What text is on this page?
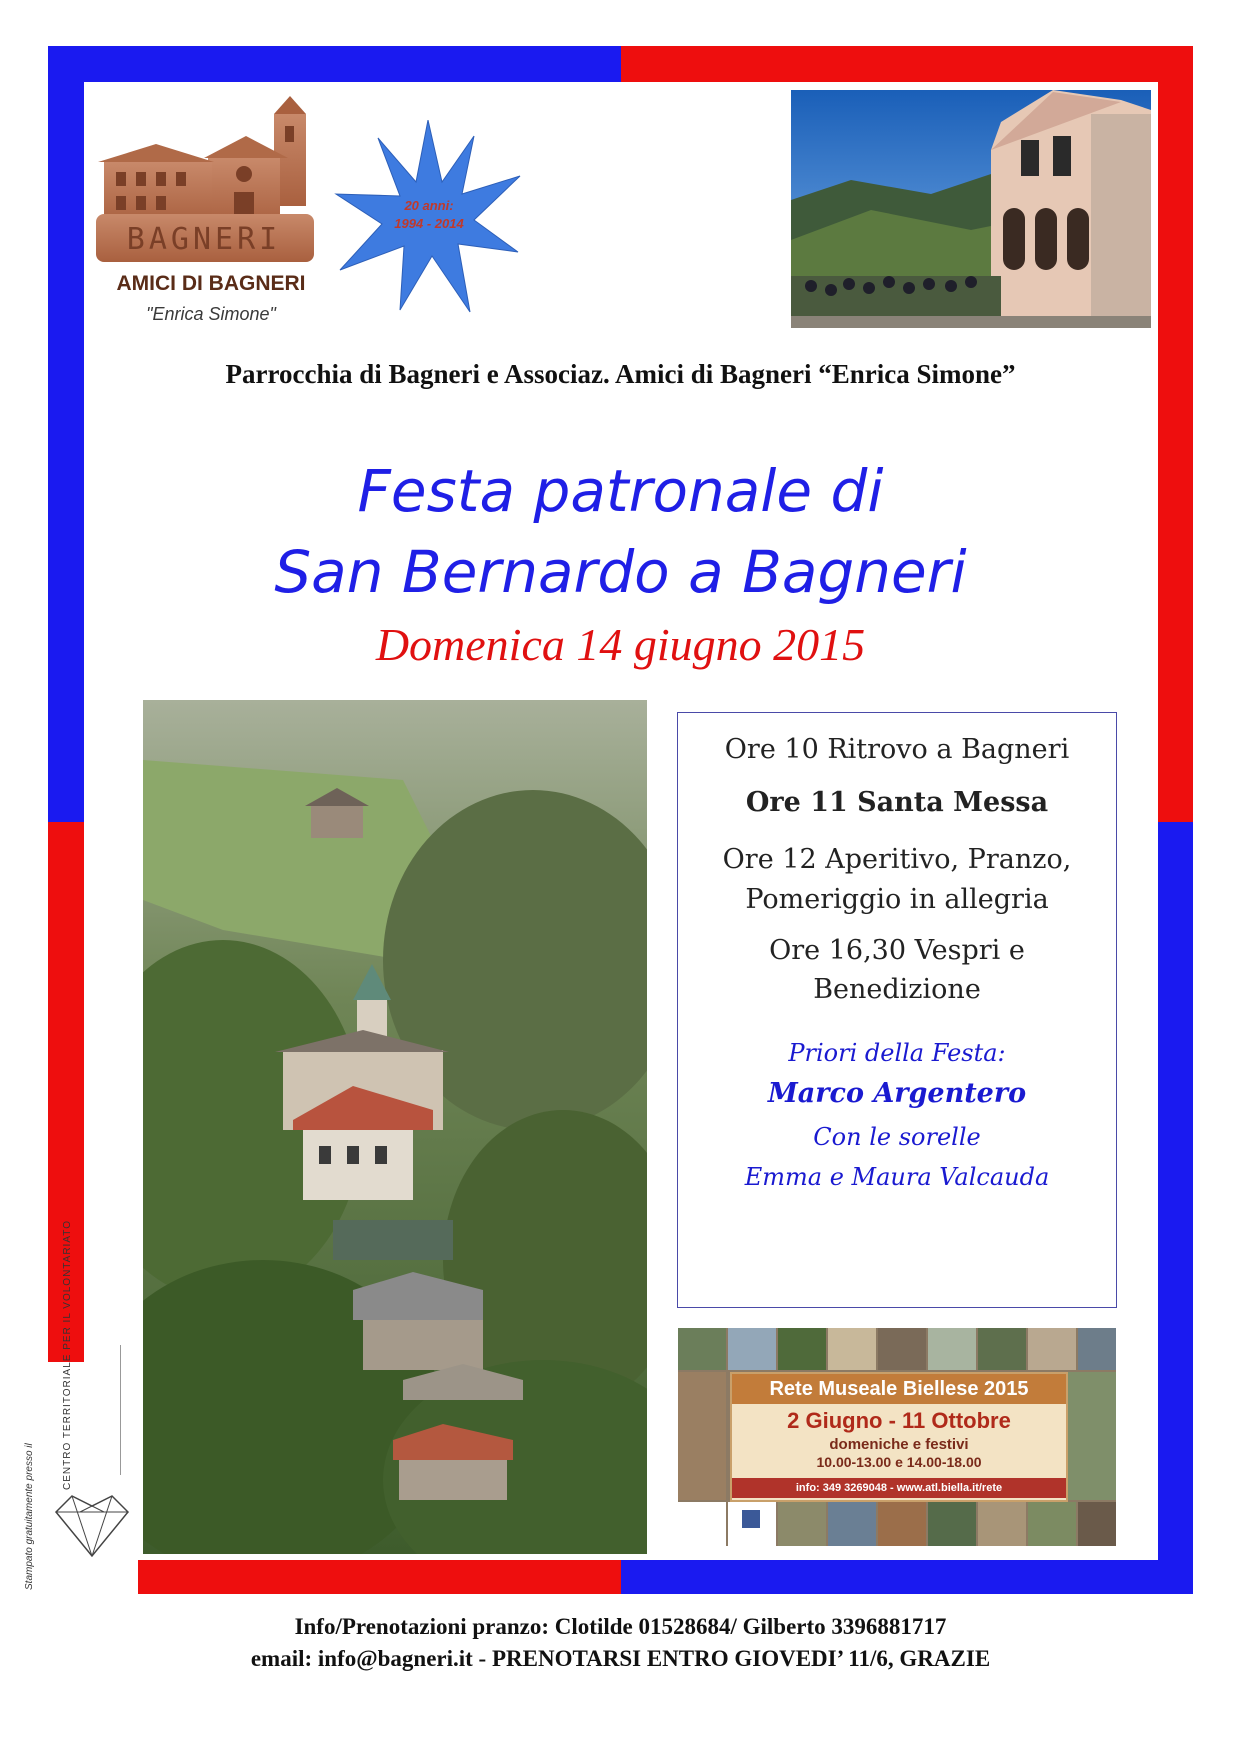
BAGNERI
AMICI DI BAGNERI
"Enrica Simone"
20 anni:
1994 - 2014
Parrocchia di Bagneri e Associaz. Amici di Bagneri “Enrica Simone”
Festa patronale di
San Bernardo a Bagneri
Domenica 14 giugno 2015
Ore 10 Ritrovo a Bagneri
Ore 11 Santa Messa
Ore 12 Aperitivo, Pranzo,
Pomeriggio in allegria
Ore 16,30 Vespri e
Benedizione
Priori della Festa:
Marco Argentero
Con le sorelle
Emma e Maura Valcauda
Rete Museale Biellese 2015
2 Giugno - 11 Ottobre
domeniche e festivi
10.00-13.00 e 14.00-18.00
info: 349 3269048 - www.atl.biella.it/rete
Stampato gratuitamente presso il
CENTRO TERRITORIALE PER IL VOLONTARIATO
Info/Prenotazioni pranzo: Clotilde 01528684/ Gilberto 3396881717
email: info@bagneri.it - PRENOTARSI ENTRO GIOVEDI’ 11/6, GRAZIE
